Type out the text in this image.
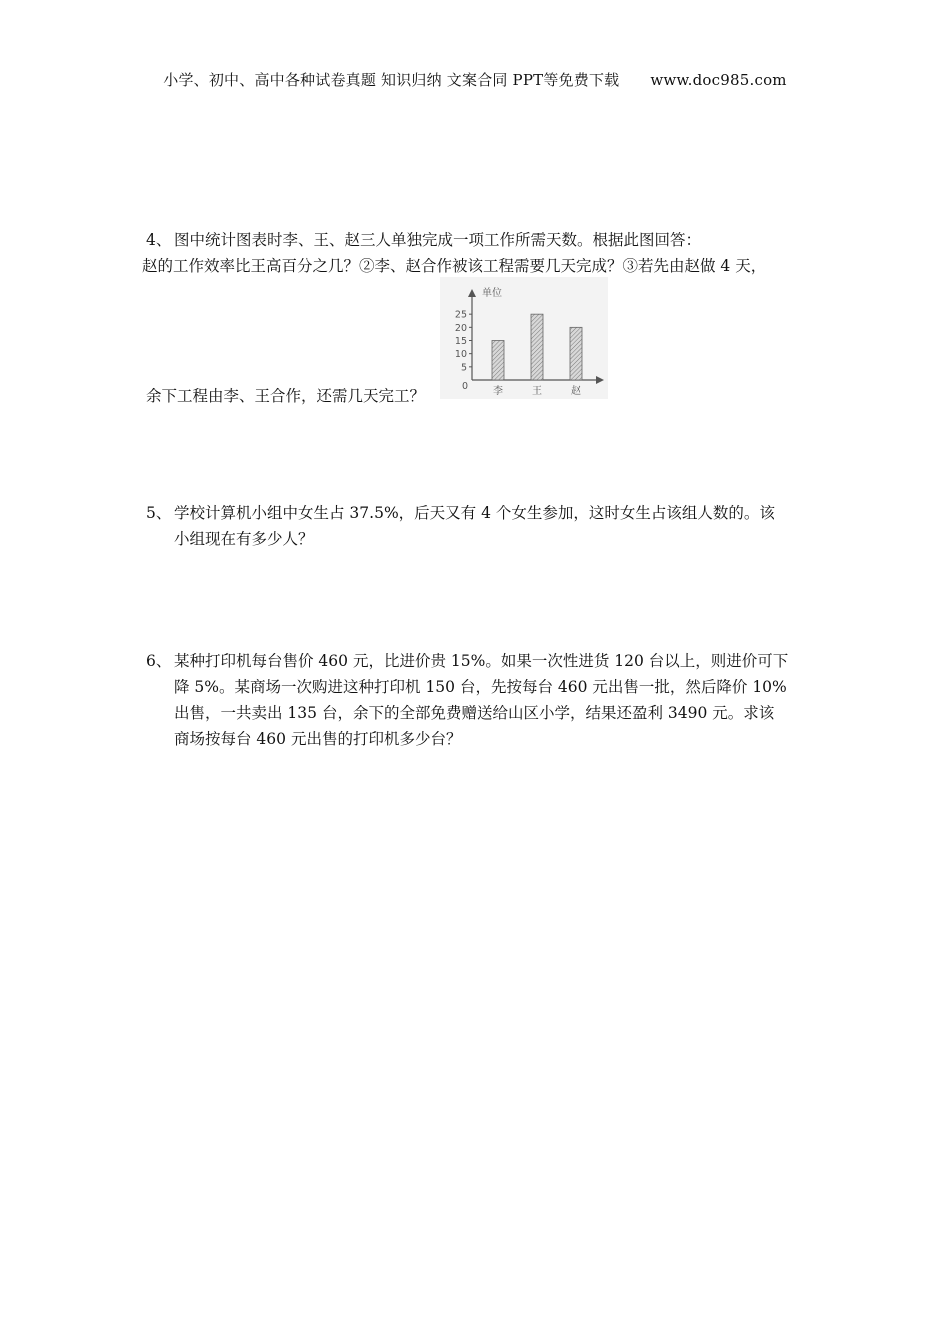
小学、初中、高中各种试卷真题 知识归纳 文案合同 PPT等免费下载 www.doc985.com
4、 图中统计图表时李、王、赵三人单独完成一项工作所需天数。根据此图回答：
赵的工作效率比王高百分之几？②李、赵合作被该工程需要几天完成？③若先由赵做 4 天，
单位
0
5
10
15
20
25
李	王	赵
余下工程由李、王合作，还需几天完工？
5、 学校计算机小组中女生占 37.5%，后天又有 4 个女生参加，这时女生占该组人数的。该
小组现在有多少人？
6、 某种打印机每台售价 460 元，比进价贵 15%。如果一次性进货 120 台以上，则进价可下
降 5%。某商场一次购进这种打印机 150 台，先按每台 460 元出售一批，然后降价 10%
出售，一共卖出 135 台，余下的全部免费赠送给山区小学，结果还盈利 3490 元。求该
商场按每台 460 元出售的打印机多少台？
